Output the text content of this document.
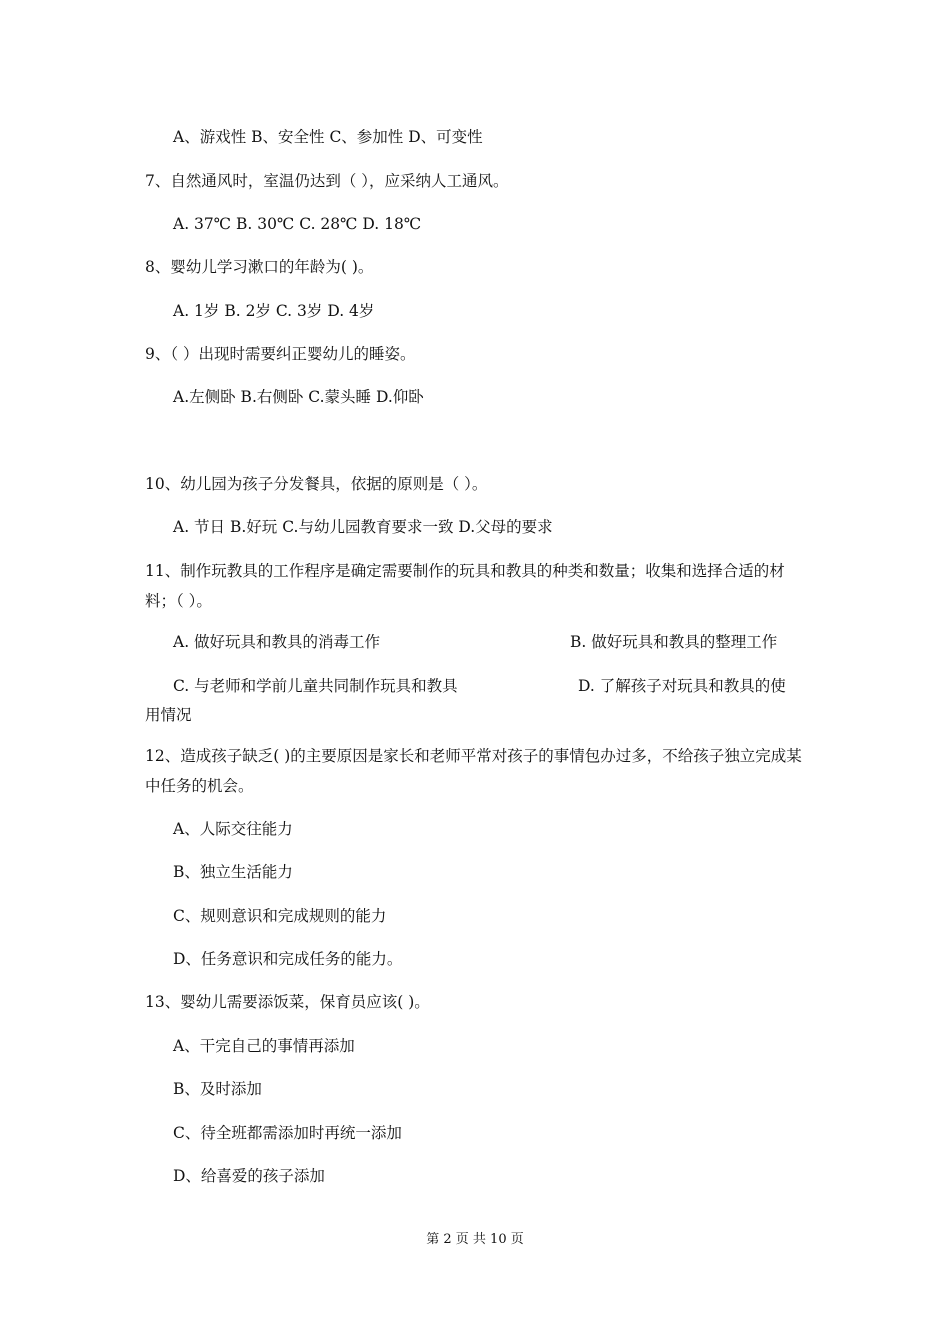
A、游戏性 B、安全性 C、参加性 D、可变性
7、自然通风时，室温仍达到（ ），应采纳人工通风。
A. 37℃ B. 30℃ C. 28℃ D. 18℃
8、婴幼儿学习漱口的年龄为( )。
A. 1岁 B. 2岁 C. 3岁 D. 4岁
9、（ ）出现时需要纠正婴幼儿的睡姿。
A.左侧卧 B.右侧卧 C.蒙头睡 D.仰卧
10、幼儿园为孩子分发餐具，依据的原则是（ ）。
A. 节日 B.好玩 C.与幼儿园教育要求一致 D.父母的要求
11、制作玩教具的工作程序是确定需要制作的玩具和教具的种类和数量；收集和选择合适的材料；（ ）。
A. 做好玩具和教具的消毒工作	B. 做好玩具和教具的整理工作
C. 与老师和学前儿童共同制作玩具和教具	D. 了解孩子对玩具和教具的使
用情况
12、造成孩子缺乏( )的主要原因是家长和老师平常对孩子的事情包办过多，不给孩子独立完成某中任务的机会。
A、人际交往能力
B、独立生活能力
C、规则意识和完成规则的能力
D、任务意识和完成任务的能力。
13、婴幼儿需要添饭菜，保育员应该( )。
A、干完自己的事情再添加
B、及时添加
C、待全班都需添加时再统一添加
D、给喜爱的孩子添加
第 2 页 共 10 页
